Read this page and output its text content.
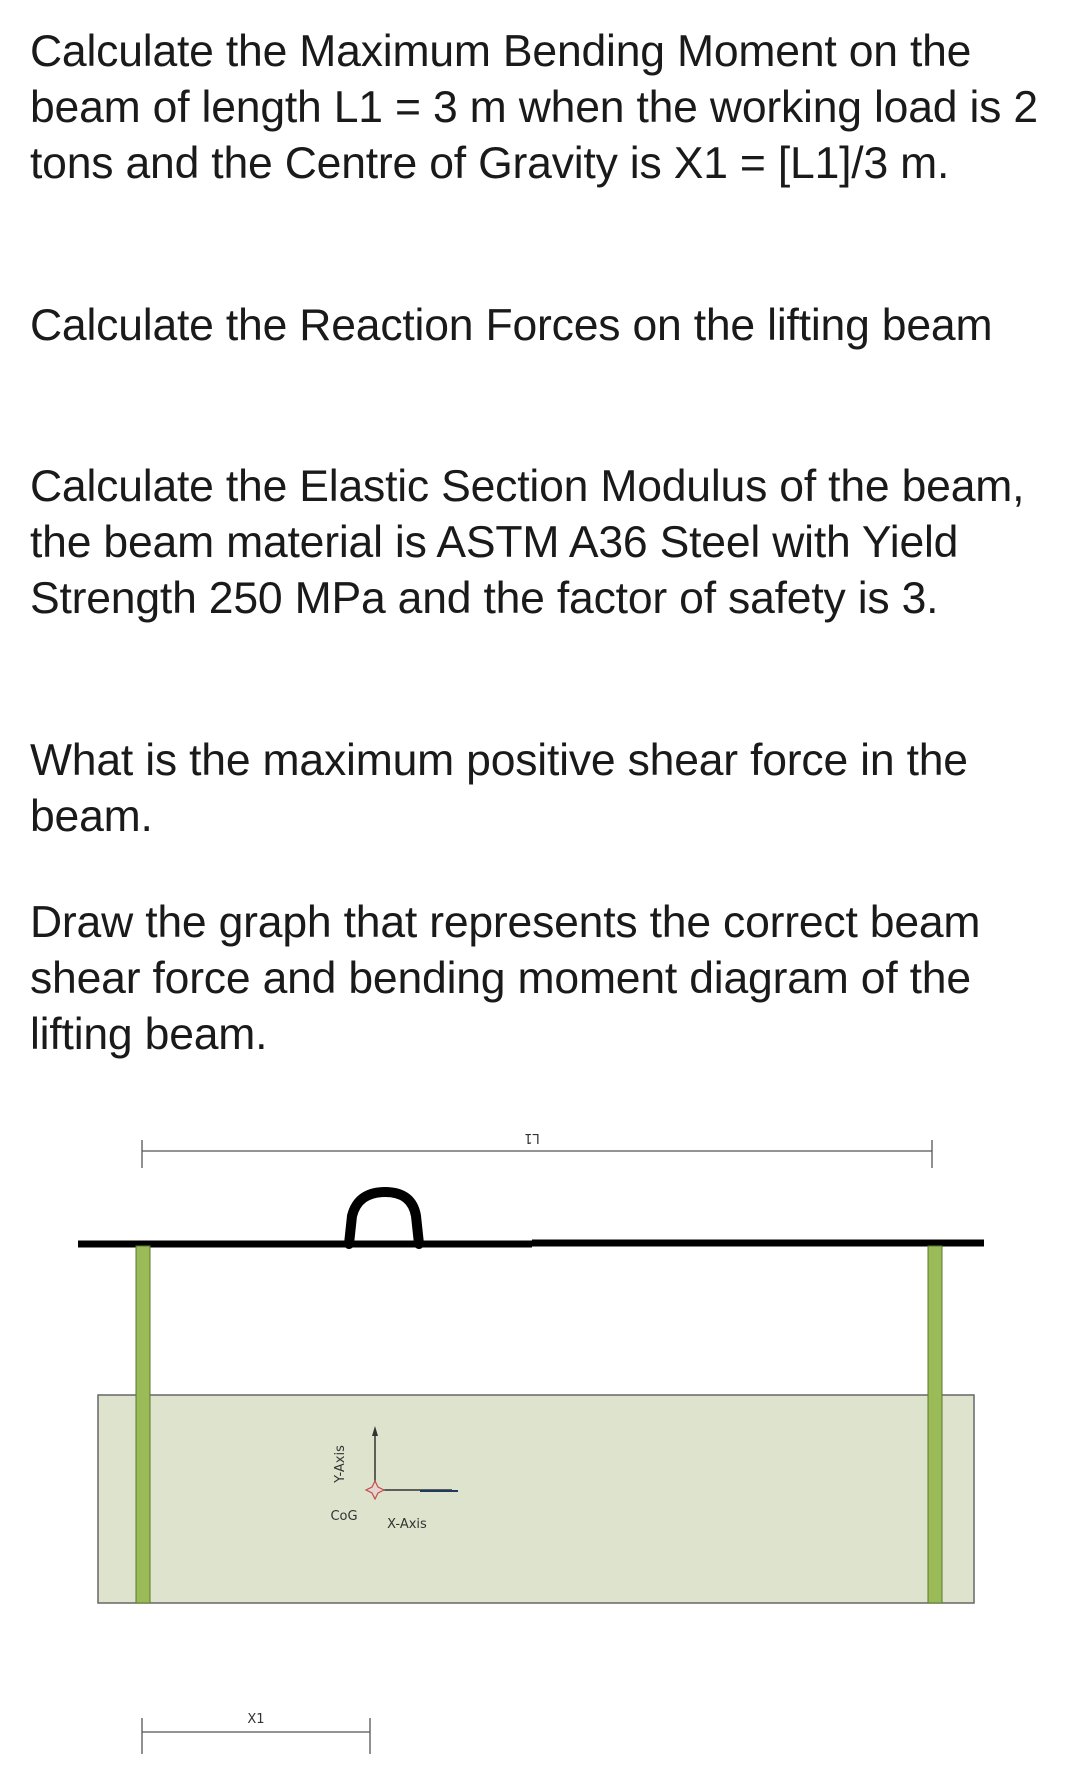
Calculate the Maximum Bending Moment on the beam of length L1 = 3 m when the working load is 2 tons and the Centre of Gravity is X1 = [L1]/3 m.

Calculate the Reaction Forces on the lifting beam

Calculate the Elastic Section Modulus of the beam, the beam material is ASTM A36 Steel with Yield Strength 250 MPa and the factor of safety is 3.

What is the maximum positive shear force in the beam.

Draw the graph that represents the correct beam shear force and bending moment diagram of the lifting beam.

L1
Y-Axis
X-Axis
CoG
X1
